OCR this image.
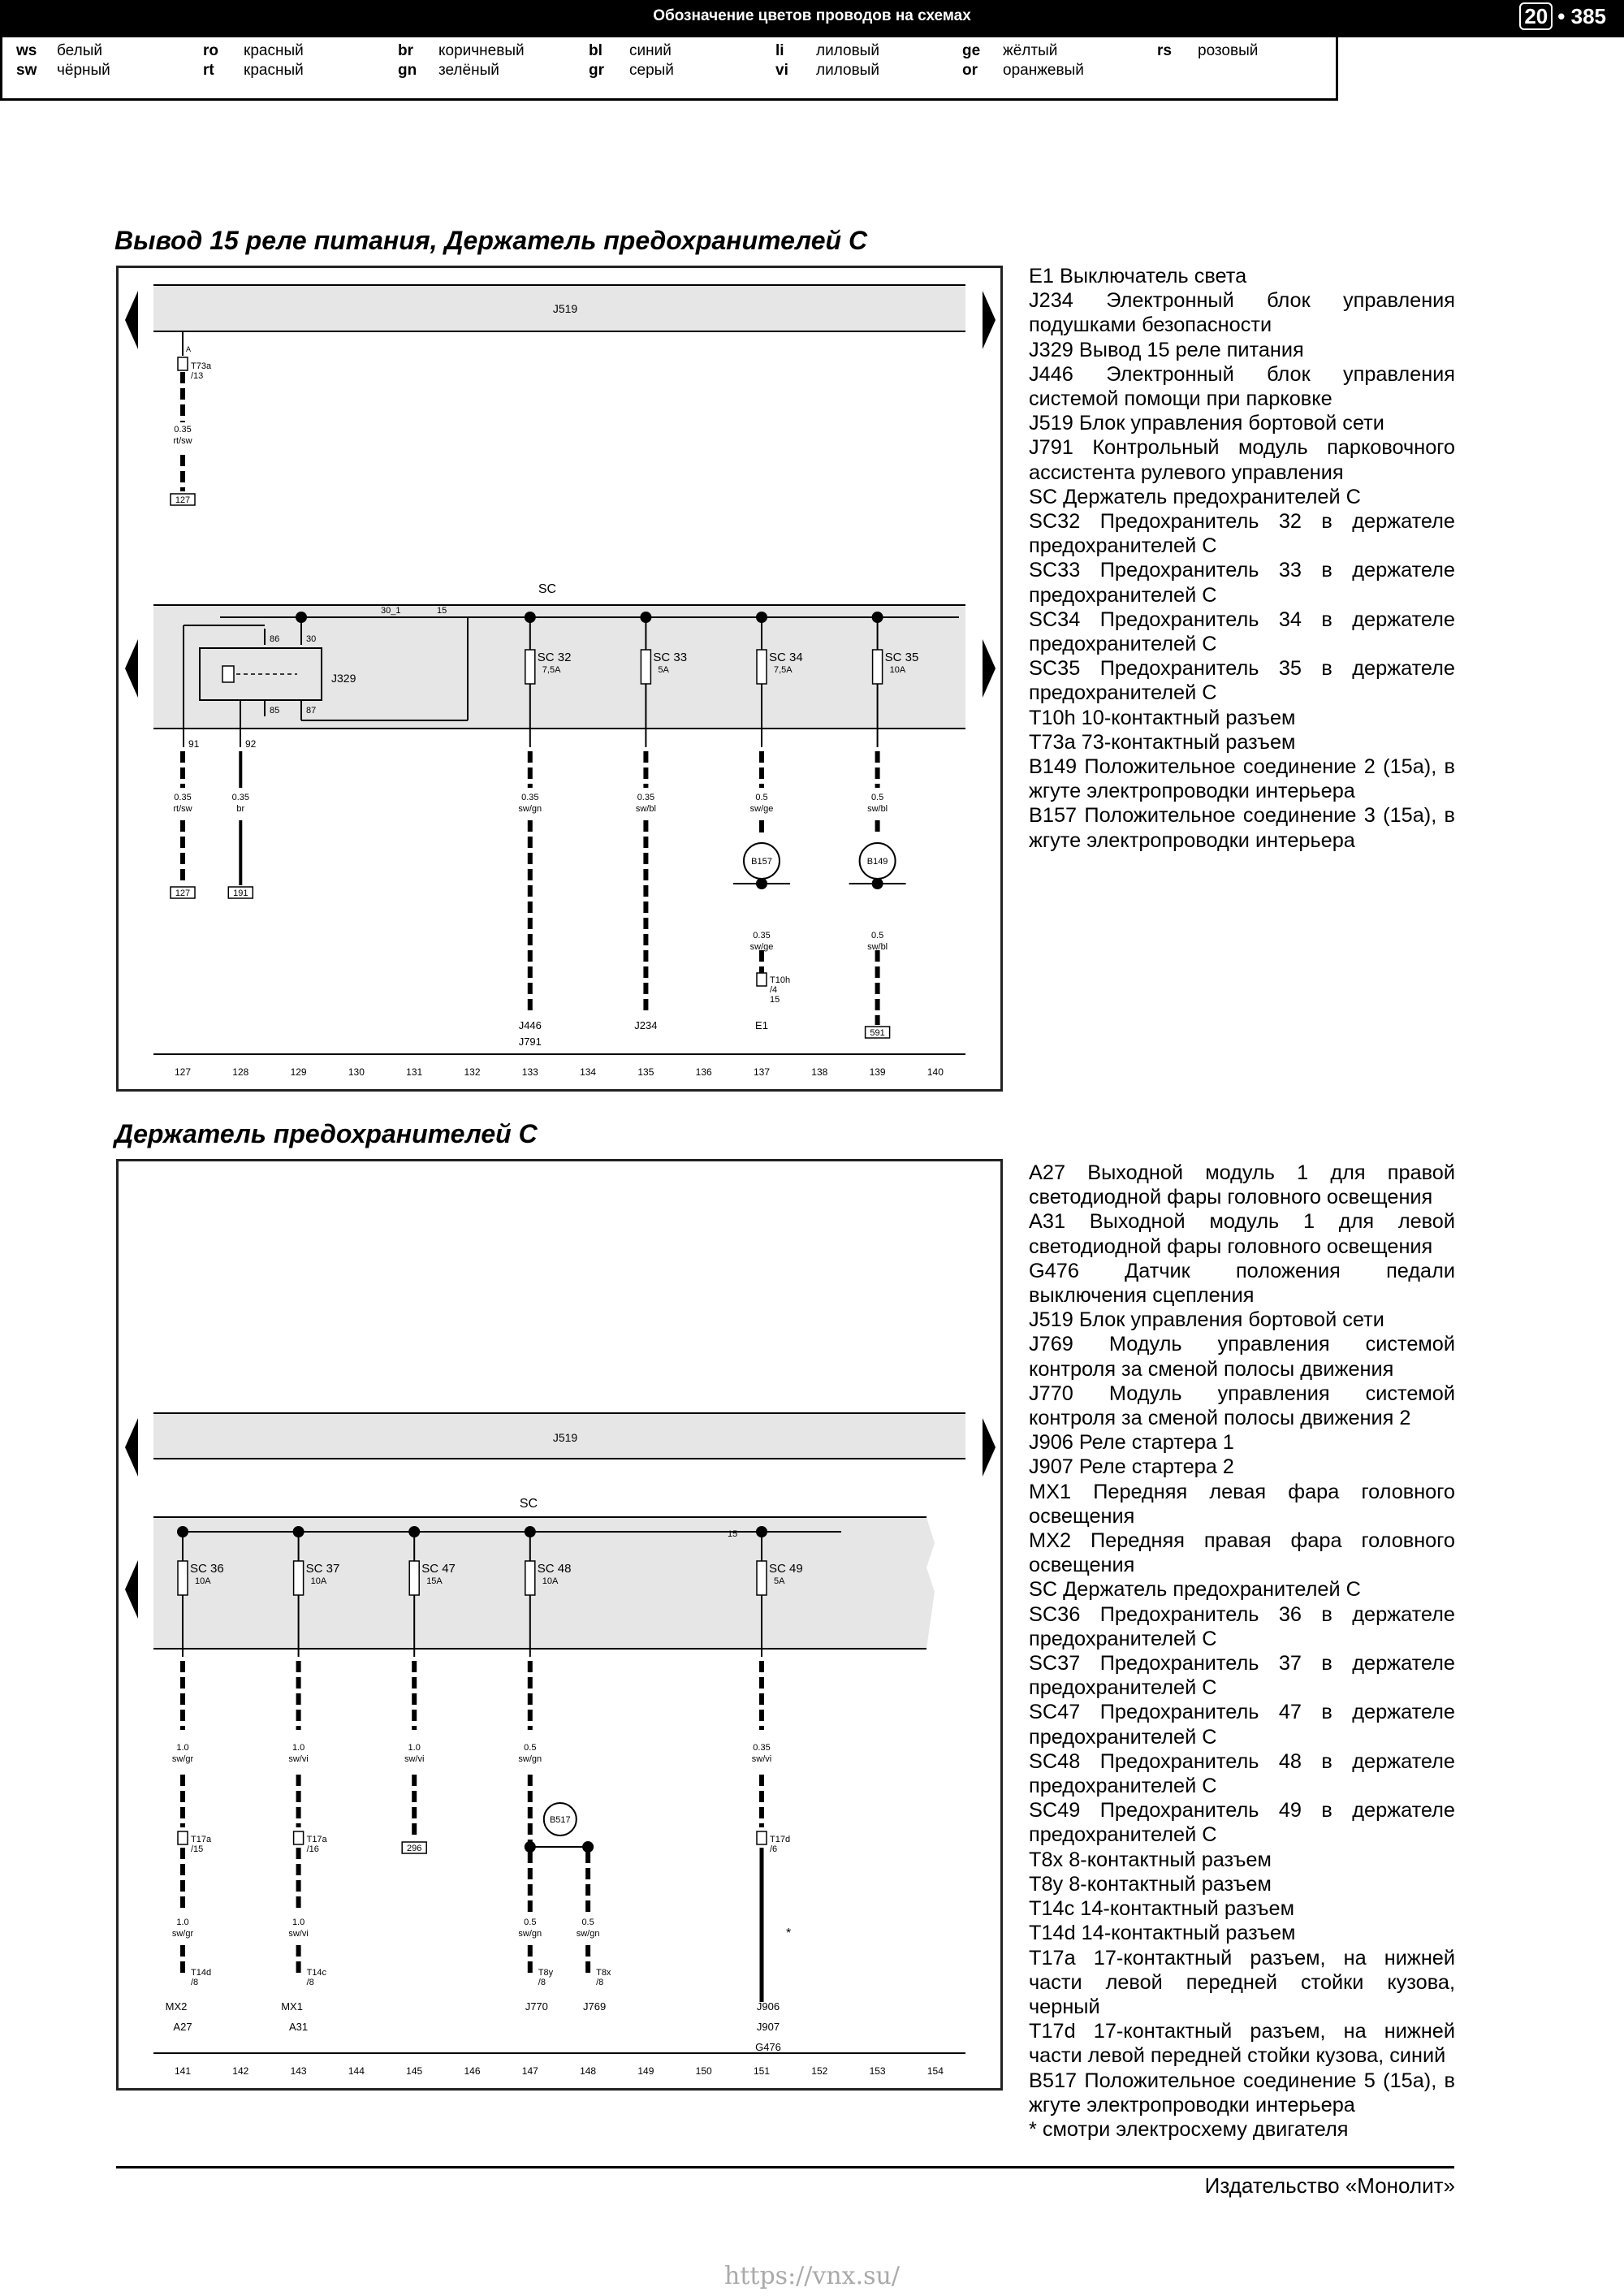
Обозначение цветов проводов на схемах	20 • 385
ws белый	ro красный	br коричневый	bl синий	li лиловый	ge жёлтый	rs розовый
sw чёрный	rt красный	gn зелёный	gr серый	vi лиловый	or оранжевый
Вывод 15 реле питания, Держатель предохранителей С
J519
A
T73a
/13
0.35
rt/sw
127
SC
30_1	15
J329
86	30
85	87
91	92
0.35
rt/sw
127
0.35
br
191
SC 32
7,5A
0.35
sw/gn
SC 33
5A
0.35
sw/bl
SC 34
7,5A
0.5
sw/ge
SC 35
10A
0.5
sw/bl
J446
J791
J234
B157
0.35
sw/ge
T10h
/4
15
E1
B149
0.5
sw/bl
591
127	128	129	130	131	132	133	134	135	136	137	138	139	140

E1 Выключатель света

J234 Электронный блок управления подушками безопасности

J329 Вывод 15 реле питания

J446 Электронный блок управления системой помощи при парковке

J519 Блок управления бортовой сети

J791 Контрольный модуль парковочного ассистента рулевого управления

SC Держатель предохранителей С

SC32 Предохранитель 32 в держателе предохранителей С

SC33 Предохранитель 33 в держателе предохранителей С

SC34 Предохранитель 34 в держателе предохранителей С

SC35 Предохранитель 35 в держателе предохранителей С

T10h 10-контактный разъем

T73a 73-контактный разъем

B149 Положительное соединение 2 (15a), в жгуте электропроводки интерьера

B157 Положительное соединение 3 (15a), в жгуте электропроводки интерьера

Держатель предохранителей С
J519
SC
15
SC 36
10A
1.0
sw/gr
SC 37
10A
1.0
sw/vi
SC 47
15A
1.0
sw/vi
SC 48
10A
0.5
sw/gn
SC 49
5A
0.35
sw/vi
T17a
/15
1.0
sw/gr
T14d
/8
MX2
A27
T17a
/16
1.0
sw/vi
T14c
/8
MX1
A31
296
B517
0.5
sw/gn
0.5
sw/gn
T8y
/8
T8x
/8
J770	J769
T17d
/6
*
J906
J907
G476
141	142	143	144	145	146	147	148	149	150	151	152	153	154

A27 Выходной модуль 1 для правой светодиодной фары головного освещения

A31 Выходной модуль 1 для левой светодиодной фары головного освещения

G476 Датчик положения педали выключения сцепления

J519 Блок управления бортовой сети

J769 Модуль управления системой контроля за сменой полосы движения

J770 Модуль управления системой контроля за сменой полосы движения 2

J906 Реле стартера 1

J907 Реле стартера 2

MX1 Передняя левая фара головного освещения

MX2 Передняя правая фара головного освещения

SC Держатель предохранителей С

SC36 Предохранитель 36 в держателе предохранителей С

SC37 Предохранитель 37 в держателе предохранителей С

SC47 Предохранитель 47 в держателе предохранителей С

SC48 Предохранитель 48 в держателе предохранителей С

SC49 Предохранитель 49 в держателе предохранителей С

T8x 8-контактный разъем

T8y 8-контактный разъем

T14c 14-контактный разъем

T14d 14-контактный разъем

T17a 17-контактный разъем, на нижней части левой передней стойки кузова, черный

T17d 17-контактный разъем, на нижней части левой передней стойки кузова, синий

B517 Положительное соединение 5 (15a), в жгуте электропроводки интерьера

* смотри электросхему двигателя

Издательство «Монолит»
https://vnx.su/
